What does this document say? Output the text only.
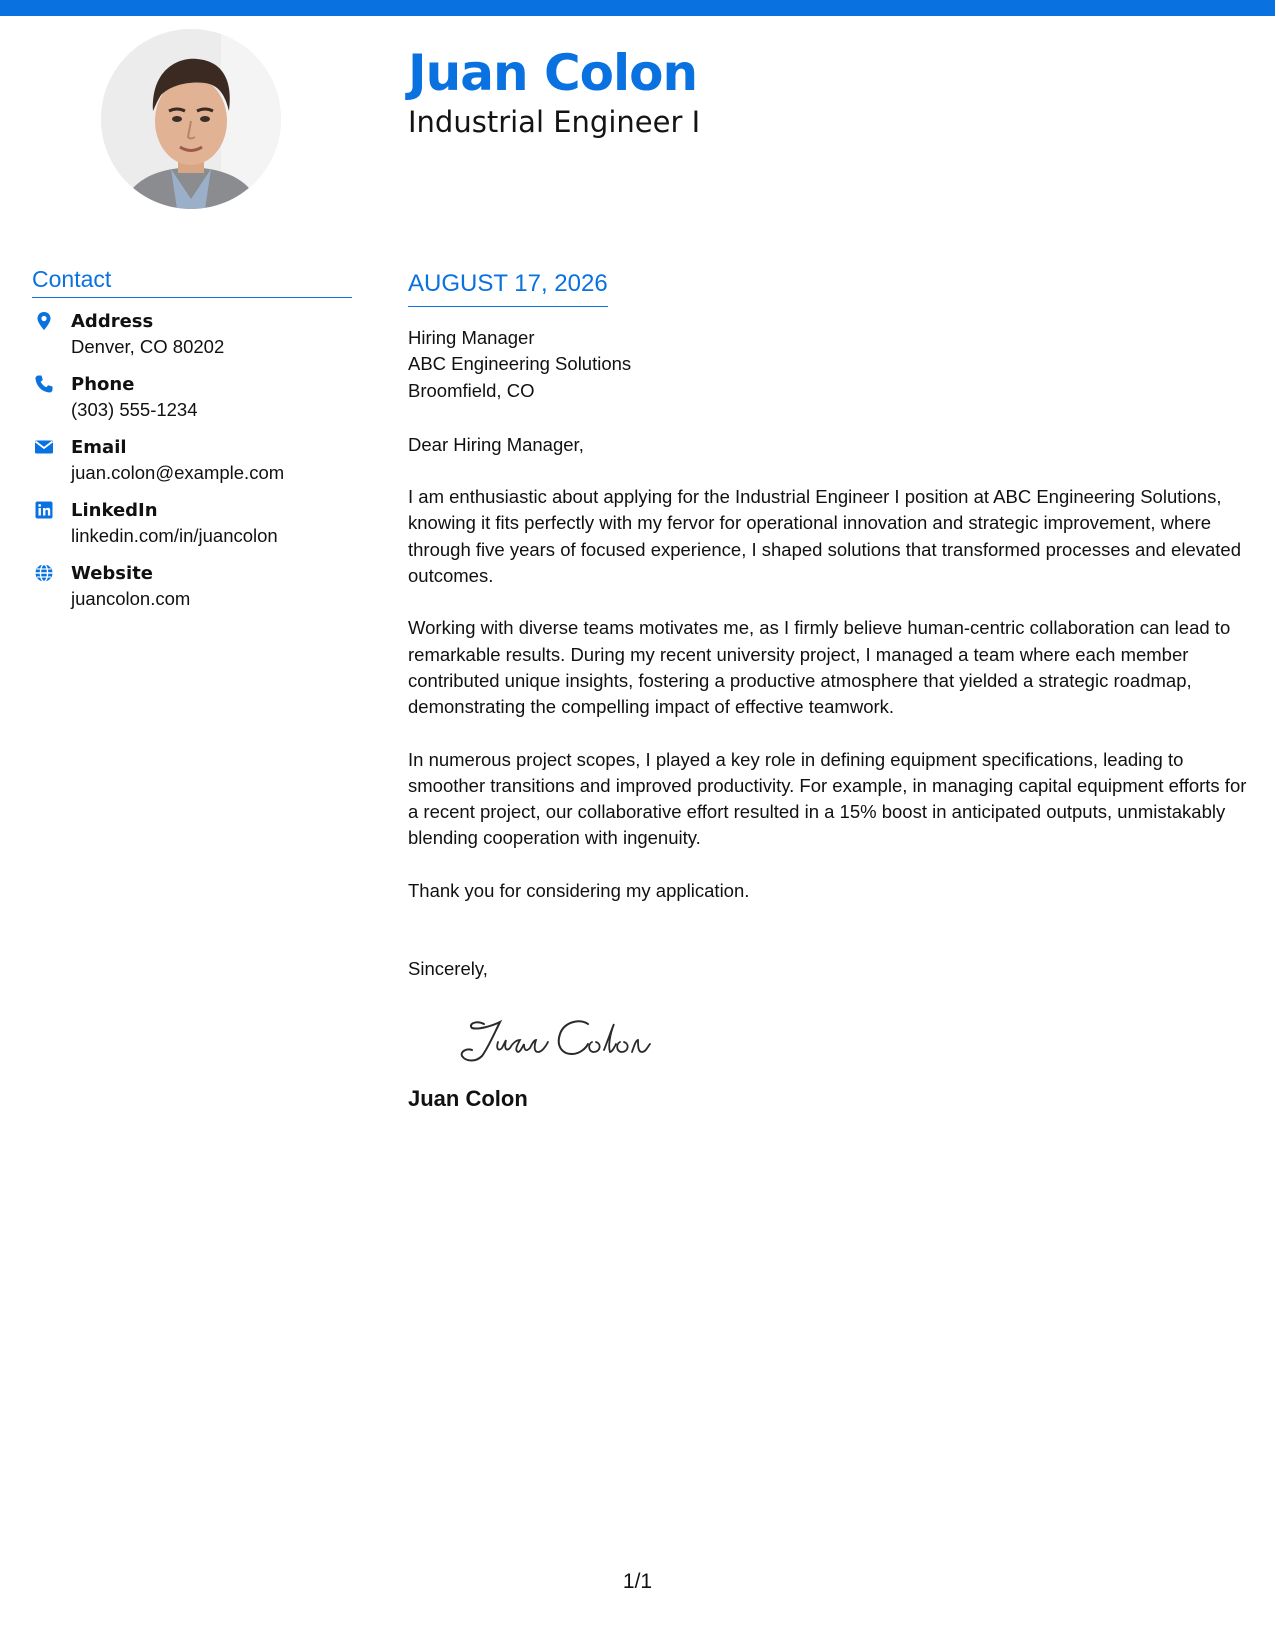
Juan Colon
Industrial Engineer I
Contact
Address
Denver, CO 80202
Phone
(303) 555-1234
Email
juan.colon@example.com
LinkedIn
linkedin.com/in/juancolon
Website
juancolon.com
AUGUST 17, 2026
Hiring Manager
ABC Engineering Solutions
Broomfield, CO
Dear Hiring Manager,
I am enthusiastic about applying for the Industrial Engineer I position at ABC Engineering Solutions, knowing it fits perfectly with my fervor for operational innovation and strategic improvement, where through five years of focused experience, I shaped solutions that transformed processes and elevated outcomes.
Working with diverse teams motivates me, as I firmly believe human-centric collaboration can lead to remarkable results. During my recent university project, I managed a team where each member contributed unique insights, fostering a productive atmosphere that yielded a strategic roadmap, demonstrating the compelling impact of effective teamwork.
In numerous project scopes, I played a key role in defining equipment specifications, leading to smoother transitions and improved productivity. For example, in managing capital equipment efforts for a recent project, our collaborative effort resulted in a 15% boost in anticipated outputs, unmistakably blending cooperation with ingenuity.
Thank you for considering my application.
Sincerely,
Juan Colon
1/1
